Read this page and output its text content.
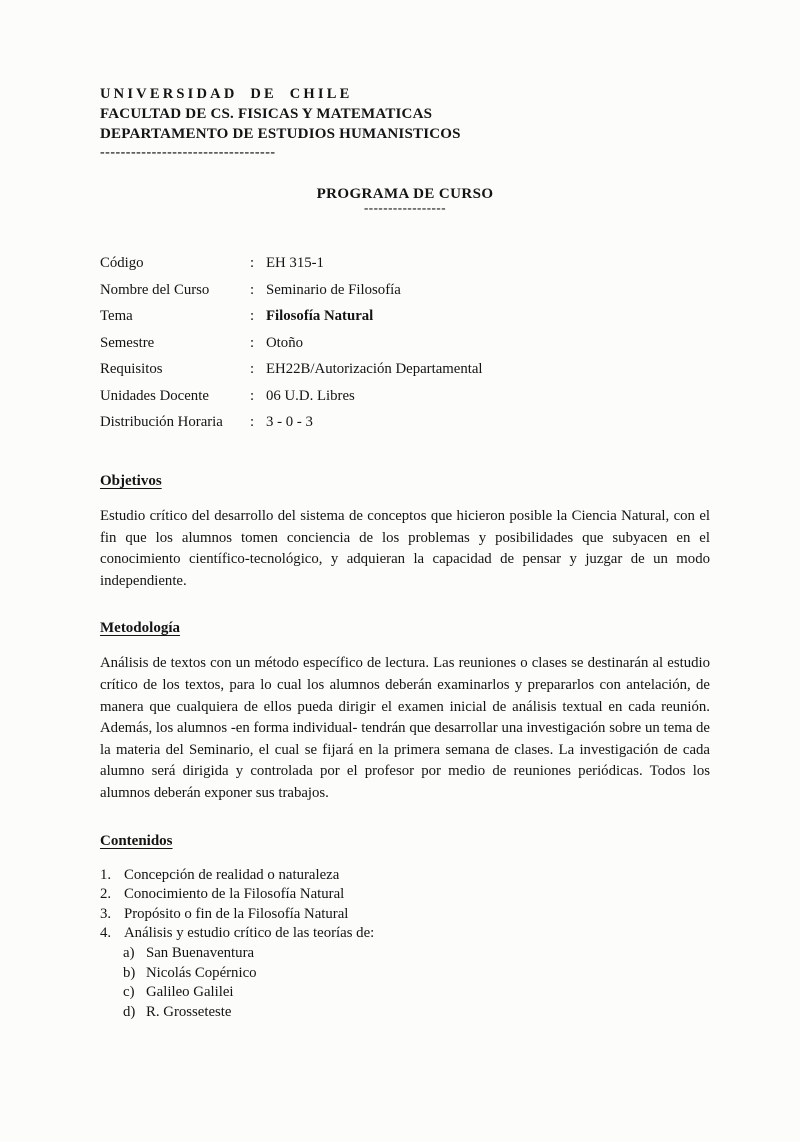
UNIVERSIDAD DE CHILE
FACULTAD DE CS. FISICAS Y MATEMATICAS
DEPARTAMENTO DE ESTUDIOS HUMANISTICOS
----------------------------------
PROGRAMA DE CURSO
-----------------
Código	: EH 315-1
Nombre del Curso	: Seminario de Filosofía
Tema	: Filosofía Natural
Semestre	: Otoño
Requisitos	: EH22B/Autorización Departamental
Unidades Docente	: 06 U.D. Libres
Distribución Horaria	: 3 - 0 - 3
Objetivos

Estudio crítico del desarrollo del sistema de conceptos que hicieron posible la Ciencia Natural, con el fin que los alumnos tomen conciencia de los problemas y posibilidades que subyacen en el conocimiento científico-tecnológico, y adquieran la capacidad de pensar y juzgar de un modo independiente.

Metodología

Análisis de textos con un método específico de lectura. Las reuniones o clases se destinarán al estudio crítico de los textos, para lo cual los alumnos deberán examinarlos y prepararlos con antelación, de manera que cualquiera de ellos pueda dirigir el examen inicial de análisis textual en cada reunión. Además, los alumnos -en forma individual- tendrán que desarrollar una investigación sobre un tema de la materia del Seminario, el cual se fijará en la primera semana de clases. La investigación de cada alumno será dirigida y controlada por el profesor por medio de reuniones periódicas. Todos los alumnos deberán exponer sus trabajos.

Contenidos
1. Concepción de realidad o naturaleza
2. Conocimiento de la Filosofía Natural
3. Propósito o fin de la Filosofía Natural
4. Análisis y estudio crítico de las teorías de:
a) San Buenaventura
b) Nicolás Copérnico
c) Galileo Galilei
d) R. Grosseteste
